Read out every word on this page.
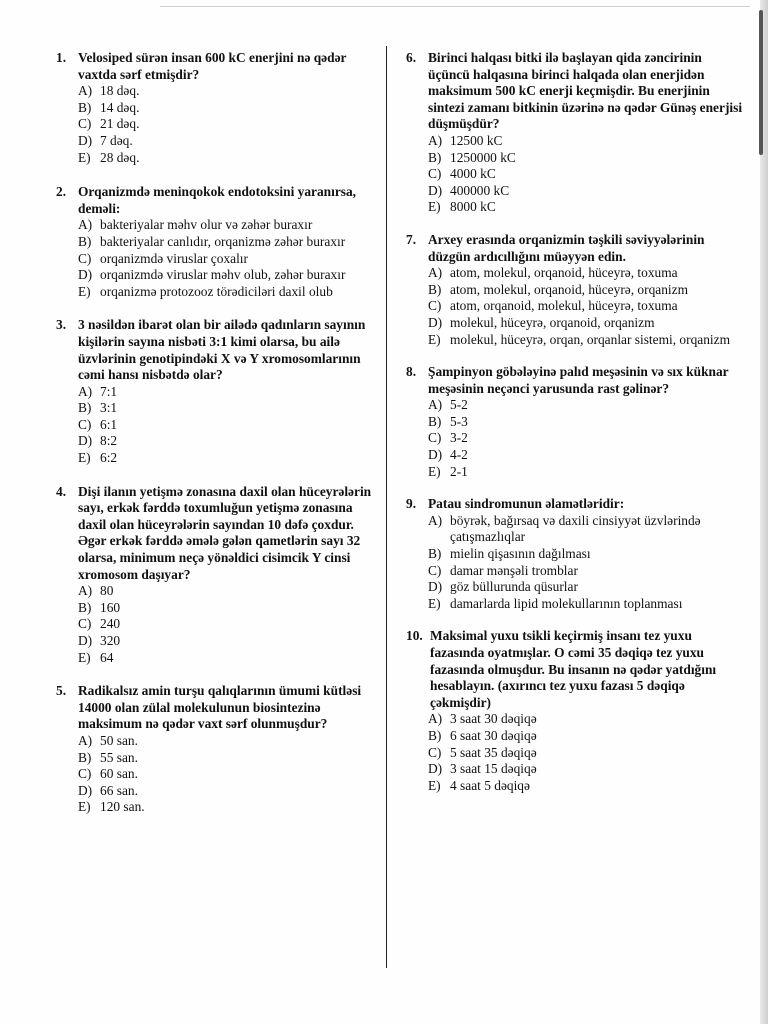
1. Velosiped sürən insan 600 kC enerjini nə qədər vaxtda sərf etmişdir?
A) 18 dəq.
B) 14 dəq.
C) 21 dəq.
D) 7 dəq.
E) 28 dəq.
2. Orqanizmdə meninqokok endotoksini yaranırsa, deməli:
A) bakteriyalar məhv olur və zəhər buraxır
B) bakteriyalar canlıdır, orqanizmə zəhər buraxır
C) orqanizmdə viruslar çoxalır
D) orqanizmdə viruslar məhv olub, zəhər buraxır
E) orqanizmə protozooz törədiciləri daxil olub
3. 3 nəsildən ibarət olan bir ailədə qadınların sayının kişilərin sayına nisbəti 3:1 kimi olarsa, bu ailə üzvlərinin genotipindəki X və Y xromosomlarının cəmi hansı nisbətdə olar?
A) 7:1
B) 3:1
C) 6:1
D) 8:2
E) 6:2
4. Dişi ilanın yetişmə zonasına daxil olan hüceyrələrin sayı, erkək fərddə toxumluğun yetişmə zonasına daxil olan hüceyrələrin sayından 10 dəfə çoxdur. Əgər erkək fərddə əmələ gələn qametlərin sayı 32 olarsa, minimum neçə yönəldici cisimcik Y cinsi xromosom daşıyar?
A) 80
B) 160
C) 240
D) 320
E) 64
5. Radikalsız amin turşu qalıqlarının ümumi kütləsi 14000 olan zülal molekulunun biosintezinə maksimum nə qədər vaxt sərf olunmuşdur?
A) 50 san.
B) 55 san.
C) 60 san.
D) 66 san.
E) 120 san.
6. Birinci halqası bitki ilə başlayan qida zəncirinin üçüncü halqasına birinci halqada olan enerjidən maksimum 500 kC enerji keçmişdir. Bu enerjinin sintezi zamanı bitkinin üzərinə nə qədər Günəş enerjisi düşmüşdür?
A) 12500 kC
B) 1250000 kC
C) 4000 kC
D) 400000 kC
E) 8000 kC
7. Arxey erasında orqanizmin təşkili səviyyələrinin düzgün ardıcıllığını müəyyən edin.
A) atom, molekul, orqanoid, hüceyrə, toxuma
B) atom, molekul, orqanoid, hüceyrə, orqanizm
C) atom, orqanoid, molekul, hüceyrə, toxuma
D) molekul, hüceyrə, orqanoid, orqanizm
E) molekul, hüceyrə, orqan, orqanlar sistemi, orqanizm
8. Şampinyon göbələyinə palıd meşəsinin və sıx küknar meşəsinin neçənci yarusunda rast gəlinər?
A) 5-2
B) 5-3
C) 3-2
D) 4-2
E) 2-1
9. Patau sindromunun əlamətləridir:
A) böyrək, bağırsaq və daxili cinsiyyət üzvlərində çatışmazlıqlar
B) mielin qişasının dağılması
C) damar mənşəli tromblar
D) göz büllurunda qüsurlar
E) damarlarda lipid molekullarının toplanması
10. Maksimal yuxu tsikli keçirmiş insanı tez yuxu fazasında oyatmışlar. O cəmi 35 dəqiqə tez yuxu fazasında olmuşdur. Bu insanın nə qədər yatdığını hesablayın. (axırıncı tez yuxu fazası 5 dəqiqə çəkmişdir)
A) 3 saat 30 dəqiqə
B) 6 saat 30 dəqiqə
C) 5 saat 35 dəqiqə
D) 3 saat 15 dəqiqə
E) 4 saat 5 dəqiqə
